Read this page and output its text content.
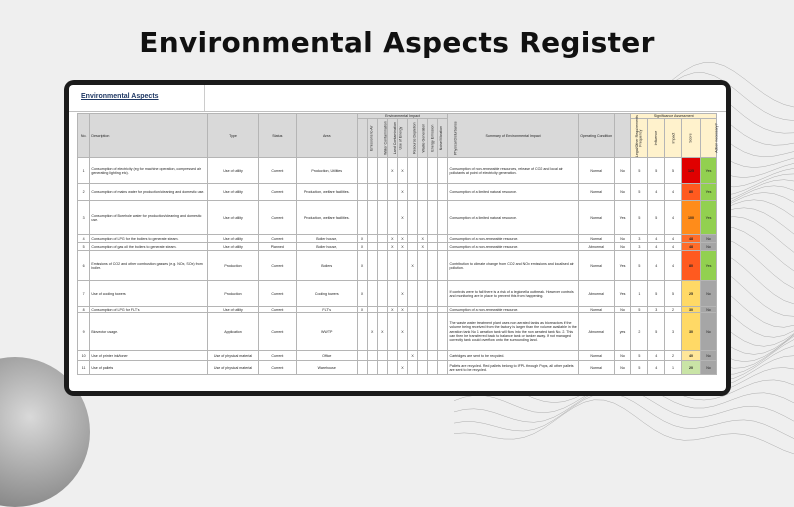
Environmental Aspects Register
Environmental Aspects
No.	Description	Type	Status	Area	Environmental Impact									Summary of Environmental Impact	Operating Condition	Legal/Other Requirements	Significance Assessment				
					Emissions to Air	Water Contamination	Land Contamination	Use of Energy	Resource Depletion	Waste Generation	Energy Emission	Noise/Vibration	Physical Disturbance				Frequency	Influence	Impact	Score	Action necessary?
1	Consumption of electricity (eg for machine operation, compressed air generating lighting etc).	Use of utility	Current	Production, Utilities				X	X					Consumption of non-renewable resources, release of CO2 and local air pollutants at point of electricity generation.	Normal	No	5	5	5	125	Yes
2	Consumption of mains water for production/cleaning and domestic use.	Use of utility	Current	Production, welfare facilities.					X					Consumption of a limited natural resource.	Normal	No	5	4	4	80	Yes
3	Consumption of Borehole water for production/cleaning and domestic use.	Use of utility	Current	Production, welfare facilities.					X					Consumption of a limited natural resource.	Normal	Yes	5	5	4	100	Yes
4	Consumption of LPG for the boilers to generate steam.	Use of utility	Current	Boiler house,	X			X	X		X			Consumption of a non-renewable resource.	Normal	No	3	4	4	48	No
5	Consumption of gas oil the boilers to generate steam.	Use of utility	Planned	Boiler house,	X			X	X		X			Consumption of a non-renewable resource.	Abnormal	No	3	4	4	48	No
6	Emissions of CO2 and other combustion gasses (e.g. NOx, SOx) from boiler.	Production	Current	Boilers	X					X				Contribution to climate change from CO2 and NOx emissions and localised air pollution.	Normal	Yes	5	4	4	80	Yes
7	Use of cooling towers	Production	Current	Cooling towers	X				X					If controls were to fail there is a risk of a legionella outbreak. However controls and monitoring are in place to prevent this from happening.	Abnormal	Yes	1	5	5	25	No
8	Consumption of LPG for FLT's	Use of utility	Current	FLT's	X			X	X					Consumption of a non-renewable resource.	Normal	No	5	3	2	30	No
9	Biovector usage.	Application	Current	WWTP		X	X		X					The waste water treatment plant uses non aerated tanks as bioreactors if the volume being received from the factory is larger than the volume available in the aeration tank No 1 aeration tank will flow into the non aerated tank No. 2. This can then be transferred back to balance tank or tanker away. If not managed correctly tank could overflow onto the surrounding land.	Abnormal	yes	2	5	3	30	No
10	Use of printer ink/toner	Use of physical material	Current	Office						X				Cartridges are sent to be recycled.	Normal	No	5	4	2	40	No
11	Use of pallets	Use of physical material	Current	Warehouse					X					Pallets are recycled. Red pallets belong to IFPL through Pops, all other pallets are sent to be recycled.	Normal	No	5	4	1	20	No
